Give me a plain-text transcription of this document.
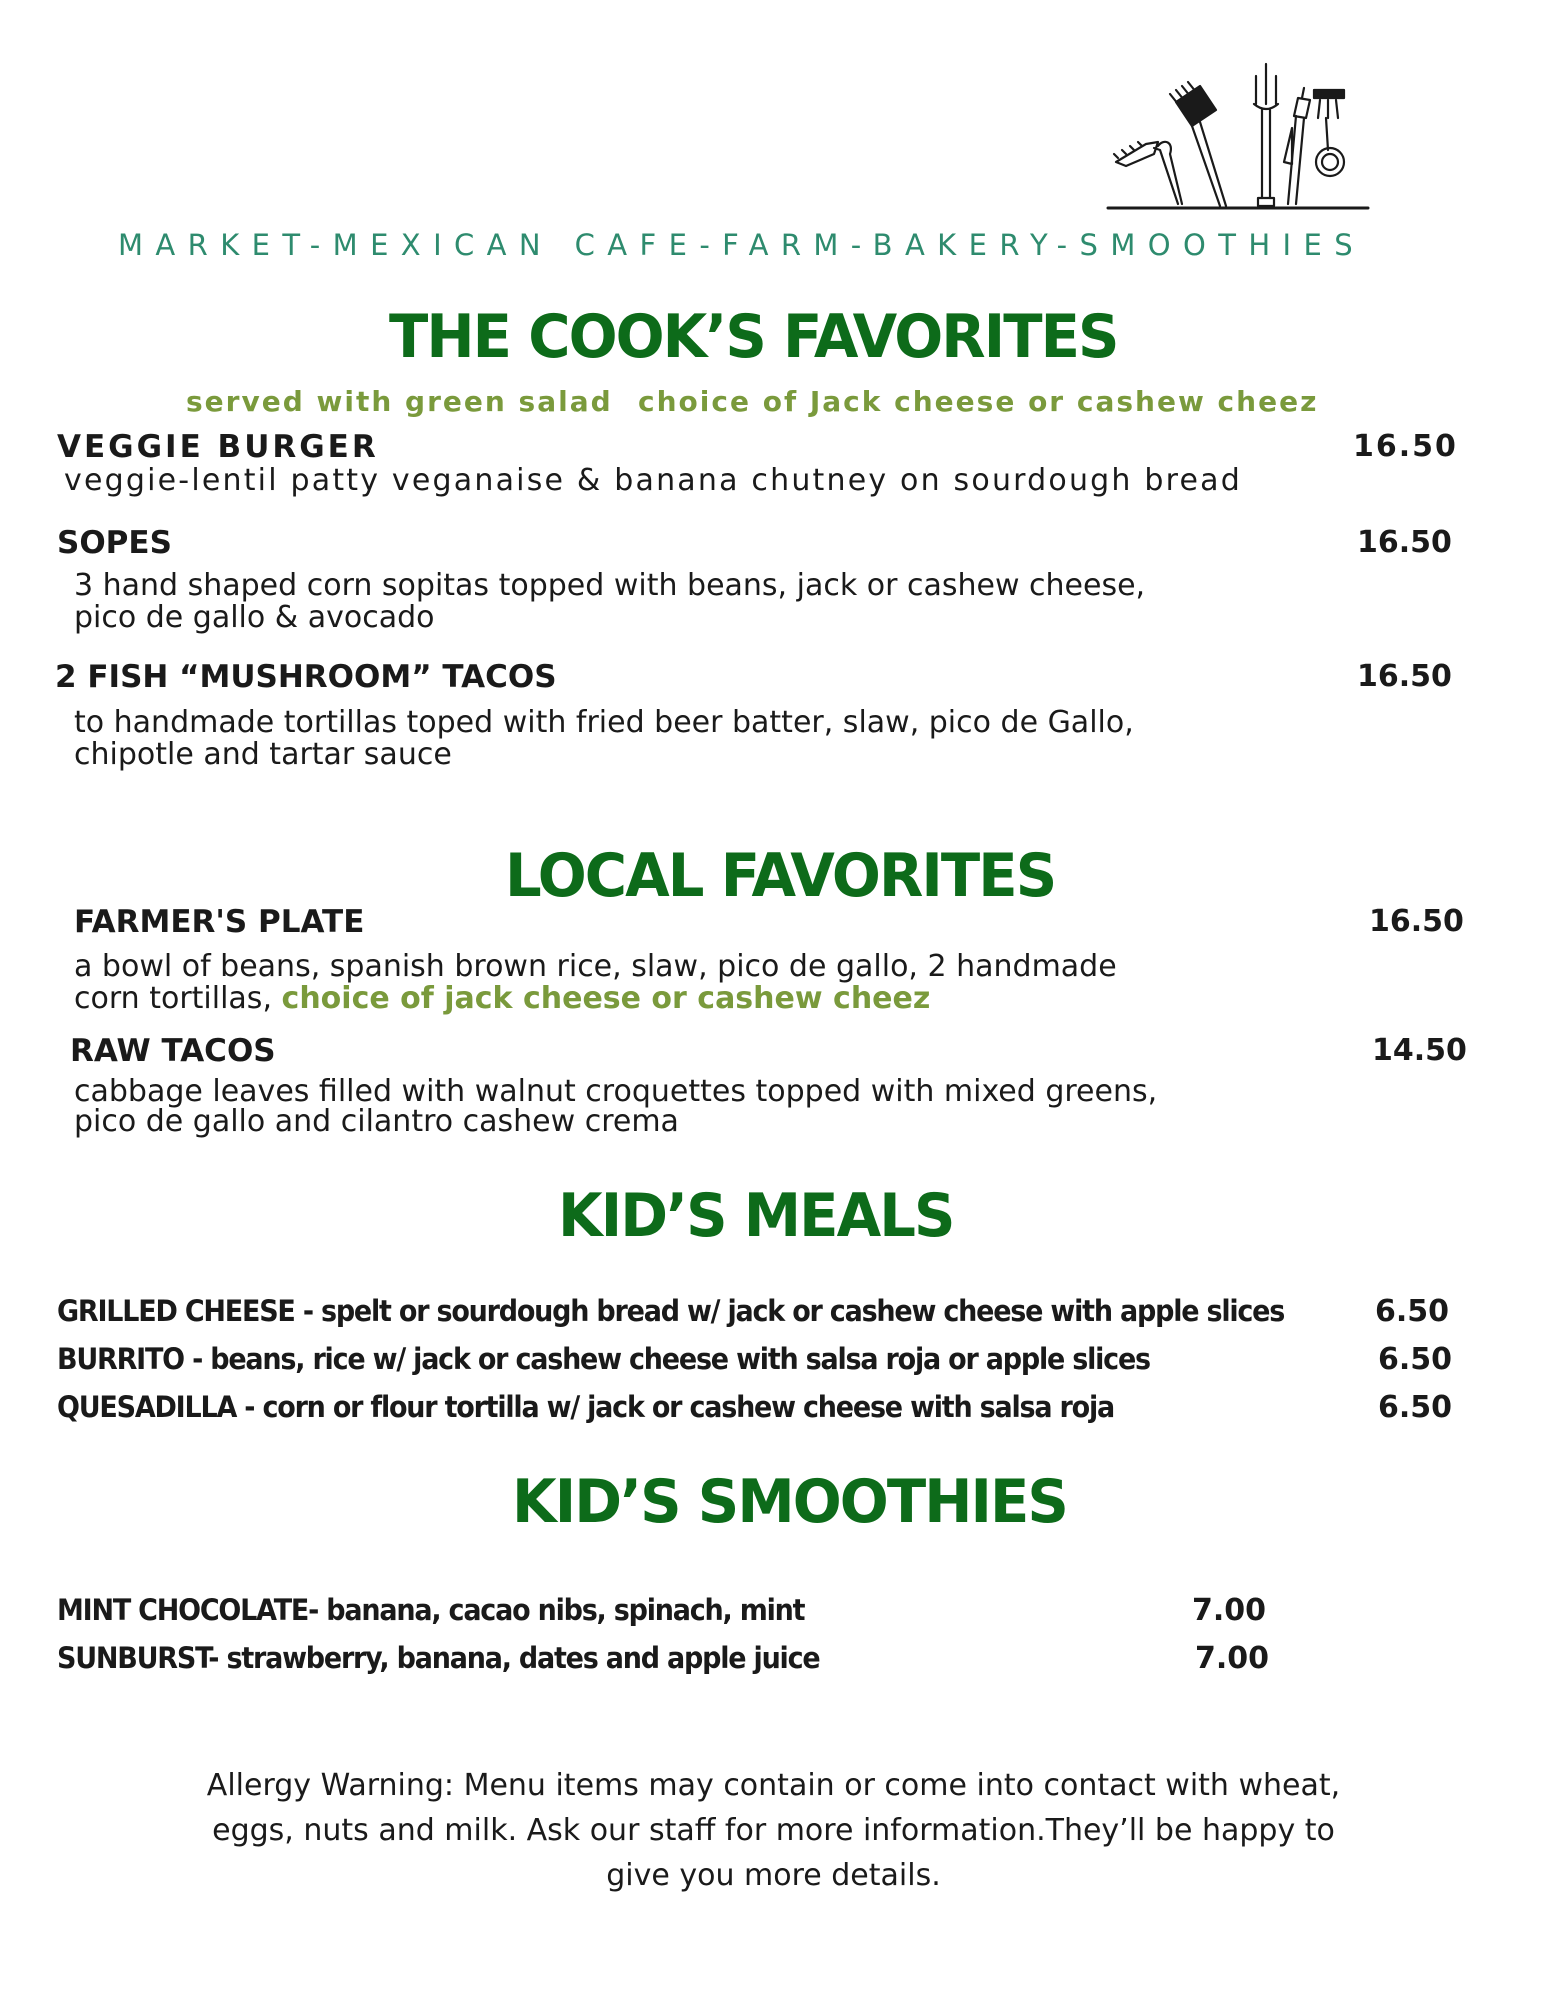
MARKET-MEXICAN CAFE-FARM-BAKERY-SMOOTHIES
THE COOK’S FAVORITES
served with green salad choice of Jack cheese or cashew cheez
VEGGIE BURGER	16.50
veggie-lentil patty veganaise & banana chutney on sourdough bread
SOPES	16.50
3 hand shaped corn sopitas topped with beans, jack or cashew cheese,
pico de gallo & avocado
2 FISH “MUSHROOM” TACOS	16.50
to handmade tortillas toped with fried beer batter, slaw, pico de Gallo,
chipotle and tartar sauce
LOCAL FAVORITES
FARMER'S PLATE	16.50
a bowl of beans, spanish brown rice, slaw, pico de gallo, 2 handmade
corn tortillas, choice of jack cheese or cashew cheez
RAW TACOS	14.50
cabbage leaves filled with walnut croquettes topped with mixed greens,
pico de gallo and cilantro cashew crema
KID’S MEALS
GRILLED CHEESE - spelt or sourdough bread w/ jack or cashew cheese with apple slices	6.50
BURRITO - beans, rice w/ jack or cashew cheese with salsa roja or apple slices	6.50
QUESADILLA - corn or flour tortilla w/ jack or cashew cheese with salsa roja	6.50
KID’S SMOOTHIES
MINT CHOCOLATE- banana, cacao nibs, spinach, mint	7.00
SUNBURST- strawberry, banana, dates and apple juice	7.00
Allergy Warning: Menu items may contain or come into contact with wheat, eggs, nuts and milk. Ask our staff for more information.They’ll be happy to give you more details.
